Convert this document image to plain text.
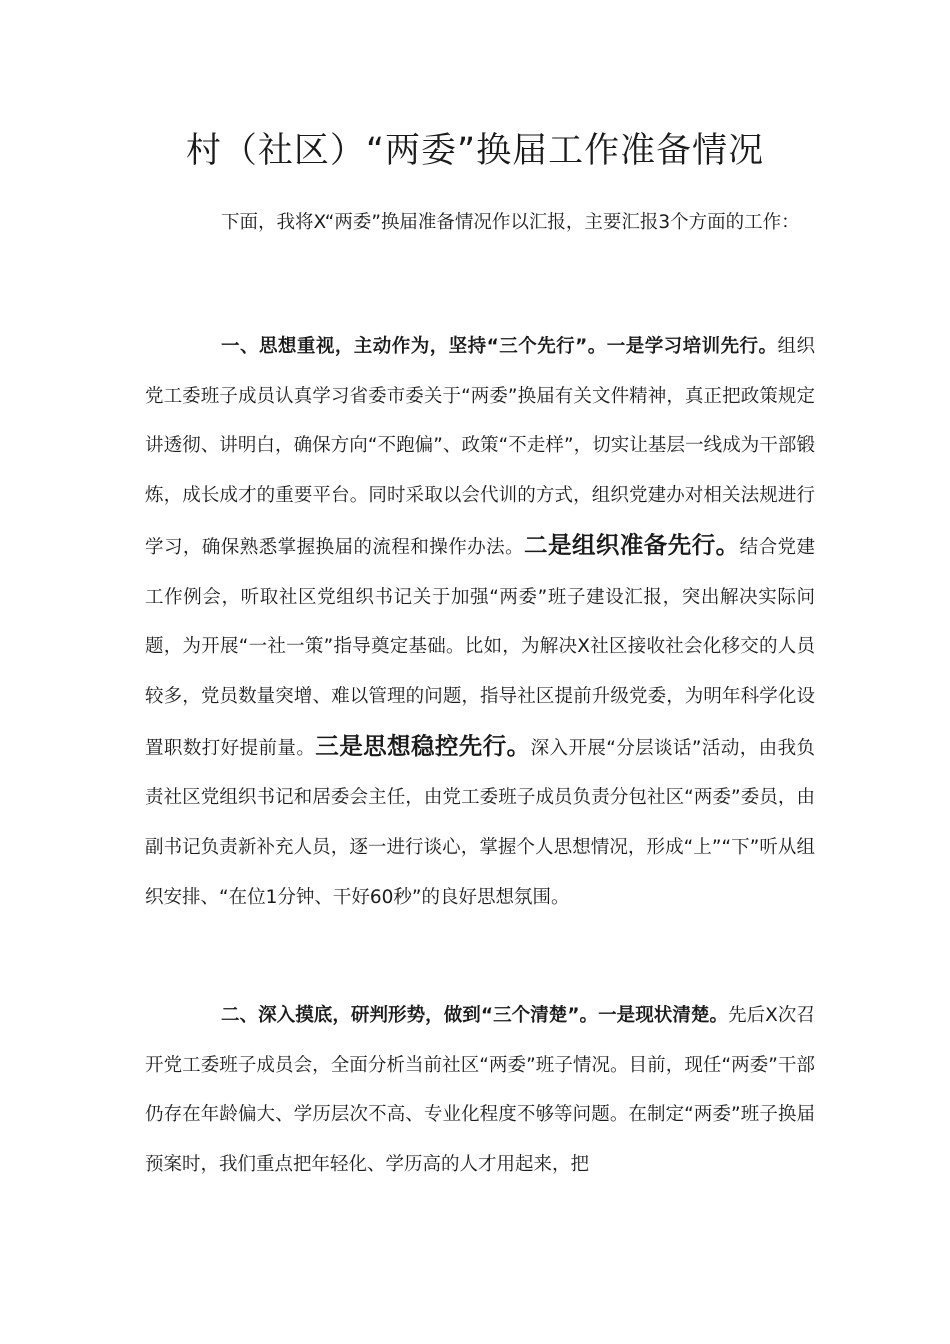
村（社区）“两委”换届工作准备情况

下面，我将X“两委”换届准备情况作以汇报，主要汇报3个方面的工作：

一、思想重视，主动作为，坚持“三个先行”。一是学习培训先行。组织党工委班子成员认真学习省委市委关于“两委”换届有关文件精神，真正把政策规定讲透彻、讲明白，确保方向“不跑偏”、政策“不走样”，切实让基层一线成为干部锻炼，成长成才的重要平台。同时采取以会代训的方式，组织党建办对相关法规进行学习，确保熟悉掌握换届的流程和操作办法。二是组织准备先行。结合党建工作例会，听取社区党组织书记关于加强“两委”班子建设汇报，突出解决实际问题，为开展“一社一策”指导奠定基础。比如，为解决X社区接收社会化移交的人员较多，党员数量突增、难以管理的问题，指导社区提前升级党委，为明年科学化设置职数打好提前量。三是思想稳控先行。深入开展“分层谈话”活动，由我负责社区党组织书记和居委会主任，由党工委班子成员负责分包社区“两委”委员，由副书记负责新补充人员，逐一进行谈心，掌握个人思想情况，形成“上”“下”听从组织安排、“在位1分钟、干好60秒”的良好思想氛围。

二、深入摸底，研判形势，做到“三个清楚”。一是现状清楚。先后X次召开党工委班子成员会，全面分析当前社区“两委”班子情况。目前，现任“两委”干部仍存在年龄偏大、学历层次不高、专业化程度不够等问题。在制定“两委”班子换届预案时，我们重点把年轻化、学历高的人才用起来，把
